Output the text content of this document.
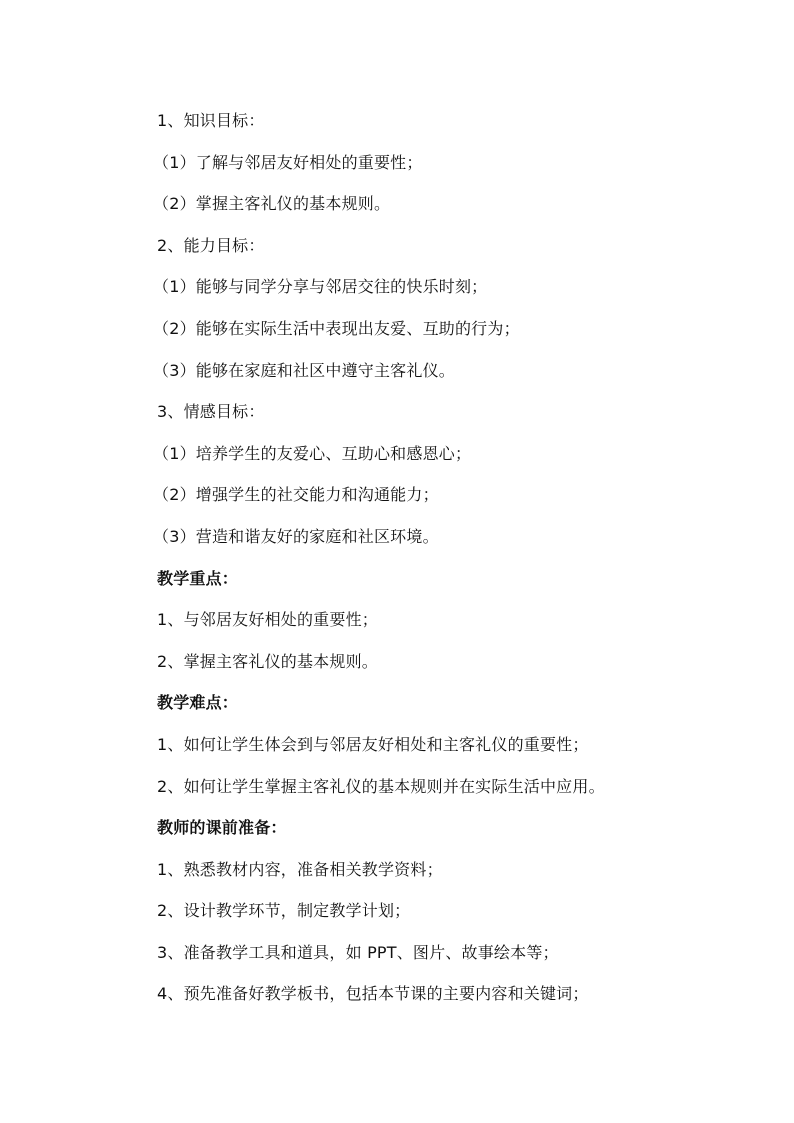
1、知识目标：
（1）了解与邻居友好相处的重要性；
（2）掌握主客礼仪的基本规则。
2、能力目标：
（1）能够与同学分享与邻居交往的快乐时刻；
（2）能够在实际生活中表现出友爱、互助的行为；
（3）能够在家庭和社区中遵守主客礼仪。
3、情感目标：
（1）培养学生的友爱心、互助心和感恩心；
（2）增强学生的社交能力和沟通能力；
（3）营造和谐友好的家庭和社区环境。
教学重点：
1、与邻居友好相处的重要性；
2、掌握主客礼仪的基本规则。
教学难点：
1、如何让学生体会到与邻居友好相处和主客礼仪的重要性；
2、如何让学生掌握主客礼仪的基本规则并在实际生活中应用。
教师的课前准备：
1、熟悉教材内容，准备相关教学资料；
2、设计教学环节，制定教学计划；
3、准备教学工具和道具，如 PPT、图片、故事绘本等；
4、预先准备好教学板书，包括本节课的主要内容和关键词；
